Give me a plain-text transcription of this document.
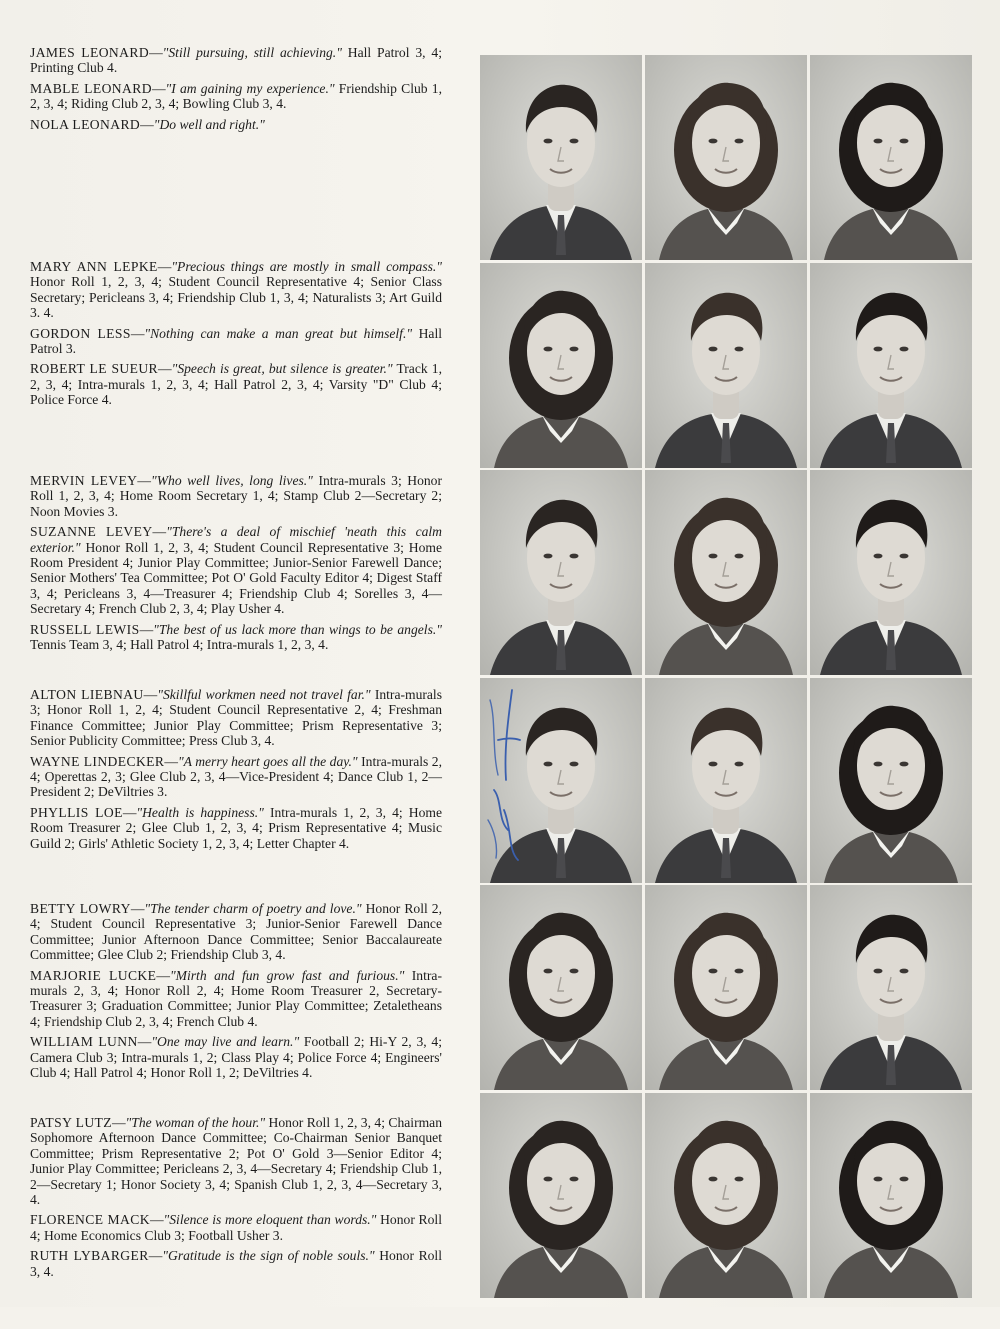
JAMES LEONARD—"Still pursuing, still achieving." Hall Patrol 3, 4; Printing Club 4.

MABLE LEONARD—"I am gaining my experience." Friendship Club 1, 2, 3, 4; Riding Club 2, 3, 4; Bowling Club 3, 4.

NOLA LEONARD—"Do well and right."

MARY ANN LEPKE—"Precious things are mostly in small compass." Honor Roll 1, 2, 3, 4; Student Council Representative 4; Senior Class Secretary; Pericleans 3, 4; Friendship Club 1, 3, 4; Naturalists 3; Art Guild 3. 4.

GORDON LESS—"Nothing can make a man great but himself." Hall Patrol 3.

ROBERT LE SUEUR—"Speech is great, but silence is greater." Track 1, 2, 3, 4; Intra-murals 1, 2, 3, 4; Hall Patrol 2, 3, 4; Varsity "D" Club 4; Police Force 4.

MERVIN LEVEY—"Who well lives, long lives." Intra-murals 3; Honor Roll 1, 2, 3, 4; Home Room Secretary 1, 4; Stamp Club 2—Secretary 2; Noon Movies 3.

SUZANNE LEVEY—"There's a deal of mischief 'neath this calm exterior." Honor Roll 1, 2, 3, 4; Student Council Representative 3; Home Room President 4; Junior Play Committee; Junior-Senior Farewell Dance; Senior Mothers' Tea Committee; Pot O' Gold Faculty Editor 4; Digest Staff 3, 4; Pericleans 3, 4—Treasurer 4; Friendship Club 4; Sorelles 3, 4—Secretary 4; French Club 2, 3, 4; Play Usher 4.

RUSSELL LEWIS—"The best of us lack more than wings to be angels." Tennis Team 3, 4; Hall Patrol 4; Intra-murals 1, 2, 3, 4.

ALTON LIEBNAU—"Skillful workmen need not travel far." Intra-murals 3; Honor Roll 1, 2, 4; Student Council Representative 2, 4; Freshman Finance Committee; Junior Play Committee; Prism Representative 3; Senior Publicity Committee; Press Club 3, 4.

WAYNE LINDECKER—"A merry heart goes all the day." Intra-murals 2, 4; Operettas 2, 3; Glee Club 2, 3, 4—Vice-President 4; Dance Club 1, 2—President 2; DeViltries 3.

PHYLLIS LOE—"Health is happiness." Intra-murals 1, 2, 3, 4; Home Room Treasurer 2; Glee Club 1, 2, 3, 4; Prism Representative 4; Music Guild 2; Girls' Athletic Society 1, 2, 3, 4; Letter Chapter 4.

BETTY LOWRY—"The tender charm of poetry and love." Honor Roll 2, 4; Student Council Representative 3; Junior-Senior Farewell Dance Committee; Junior Afternoon Dance Committee; Senior Baccalaureate Committee; Glee Club 2; Friendship Club 3, 4.

MARJORIE LUCKE—"Mirth and fun grow fast and furious." Intra-murals 2, 3, 4; Honor Roll 2, 4; Home Room Treasurer 2, Secretary-Treasurer 3; Graduation Committee; Junior Play Committee; Zetaletheans 4; Friendship Club 2, 3, 4; French Club 4.

WILLIAM LUNN—"One may live and learn." Football 2; Hi-Y 2, 3, 4; Camera Club 3; Intra-murals 1, 2; Class Play 4; Police Force 4; Engineers' Club 4; Hall Patrol 4; Honor Roll 1, 2; DeViltries 4.

PATSY LUTZ—"The woman of the hour." Honor Roll 1, 2, 3, 4; Chairman Sophomore Afternoon Dance Committee; Co-Chairman Senior Banquet Committee; Prism Representative 2; Pot O' Gold 3—Senior Editor 4; Junior Play Committee; Pericleans 2, 3, 4—Secretary 4; Friendship Club 1, 2—Secretary 1; Honor Society 3, 4; Spanish Club 1, 2, 3, 4—Secretary 3, 4.

FLORENCE MACK—"Silence is more eloquent than words." Honor Roll 4; Home Economics Club 3; Football Usher 3.

RUTH LYBARGER—"Gratitude is the sign of noble souls." Honor Roll 3, 4.
